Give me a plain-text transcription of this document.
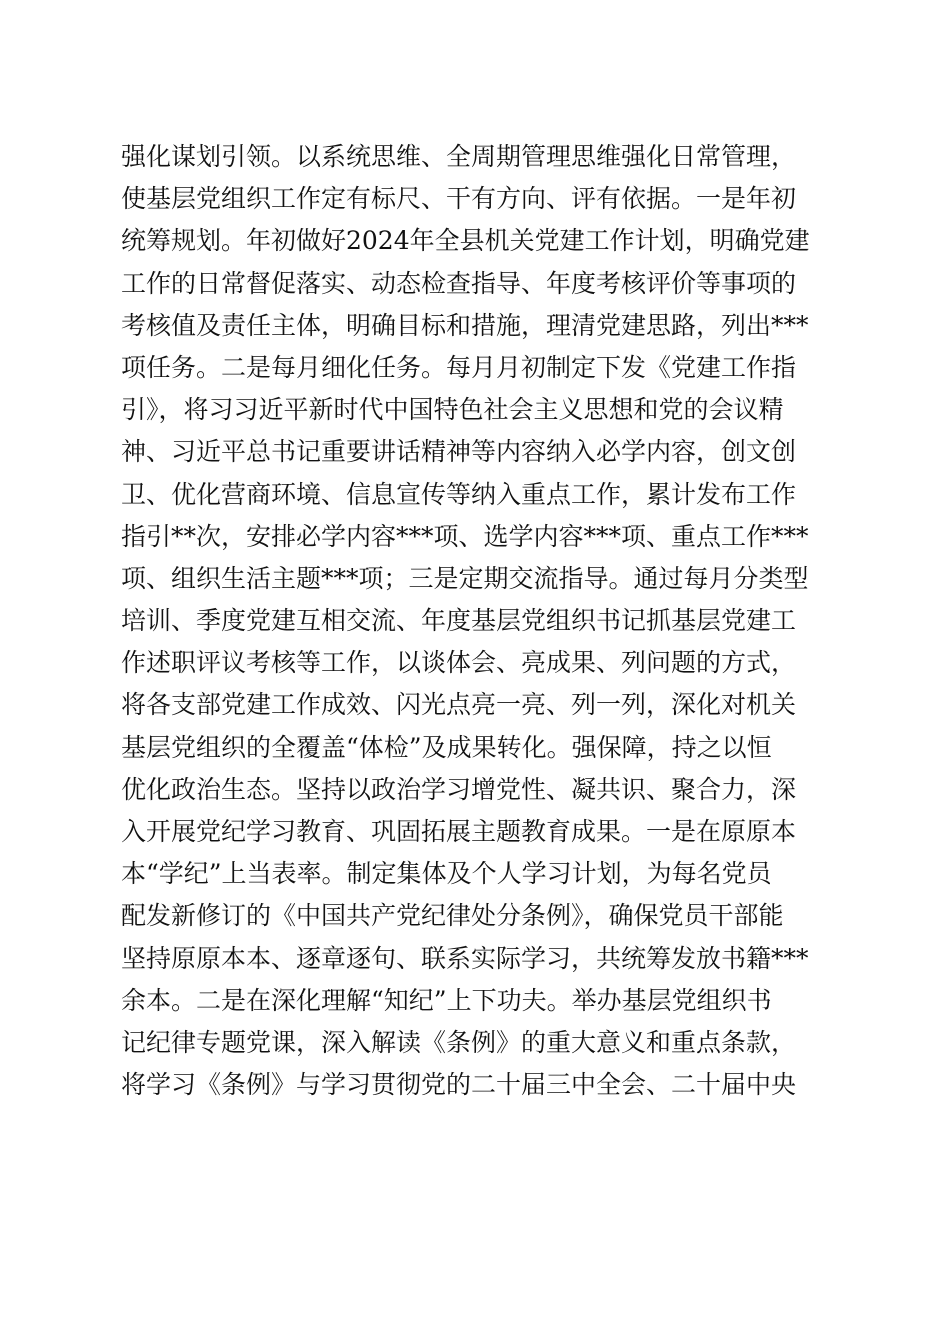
强化谋划引领。以系统思维、全周期管理思维强化日常管理，
使基层党组织工作定有标尺、干有方向、评有依据。一是年初
统筹规划。年初做好2024年全县机关党建工作计划，明确党建
工作的日常督促落实、动态检查指导、年度考核评价等事项的
考核值及责任主体，明确目标和措施，理清党建思路，列出***
项任务。二是每月细化任务。每月月初制定下发《党建工作指
引》，将习习近平新时代中国特色社会主义思想和党的会议精
神、习近平总书记重要讲话精神等内容纳入必学内容，创文创
卫、优化营商环境、信息宣传等纳入重点工作，累计发布工作
指引**次，安排必学内容***项、选学内容***项、重点工作***
项、组织生活主题***项；三是定期交流指导。通过每月分类型
培训、季度党建互相交流、年度基层党组织书记抓基层党建工
作述职评议考核等工作，以谈体会、亮成果、列问题的方式，
将各支部党建工作成效、闪光点亮一亮、列一列，深化对机关
基层党组织的全覆盖“体检”及成果转化。强保障，持之以恒
优化政治生态。坚持以政治学习增党性、凝共识、聚合力，深
入开展党纪学习教育、巩固拓展主题教育成果。一是在原原本
本“学纪”上当表率。制定集体及个人学习计划，为每名党员
配发新修订的《中国共产党纪律处分条例》，确保党员干部能
坚持原原本本、逐章逐句、联系实际学习，共统筹发放书籍***
余本。二是在深化理解“知纪”上下功夫。举办基层党组织书
记纪律专题党课，深入解读《条例》的重大意义和重点条款，
将学习《条例》与学习贯彻党的二十届三中全会、二十届中央
